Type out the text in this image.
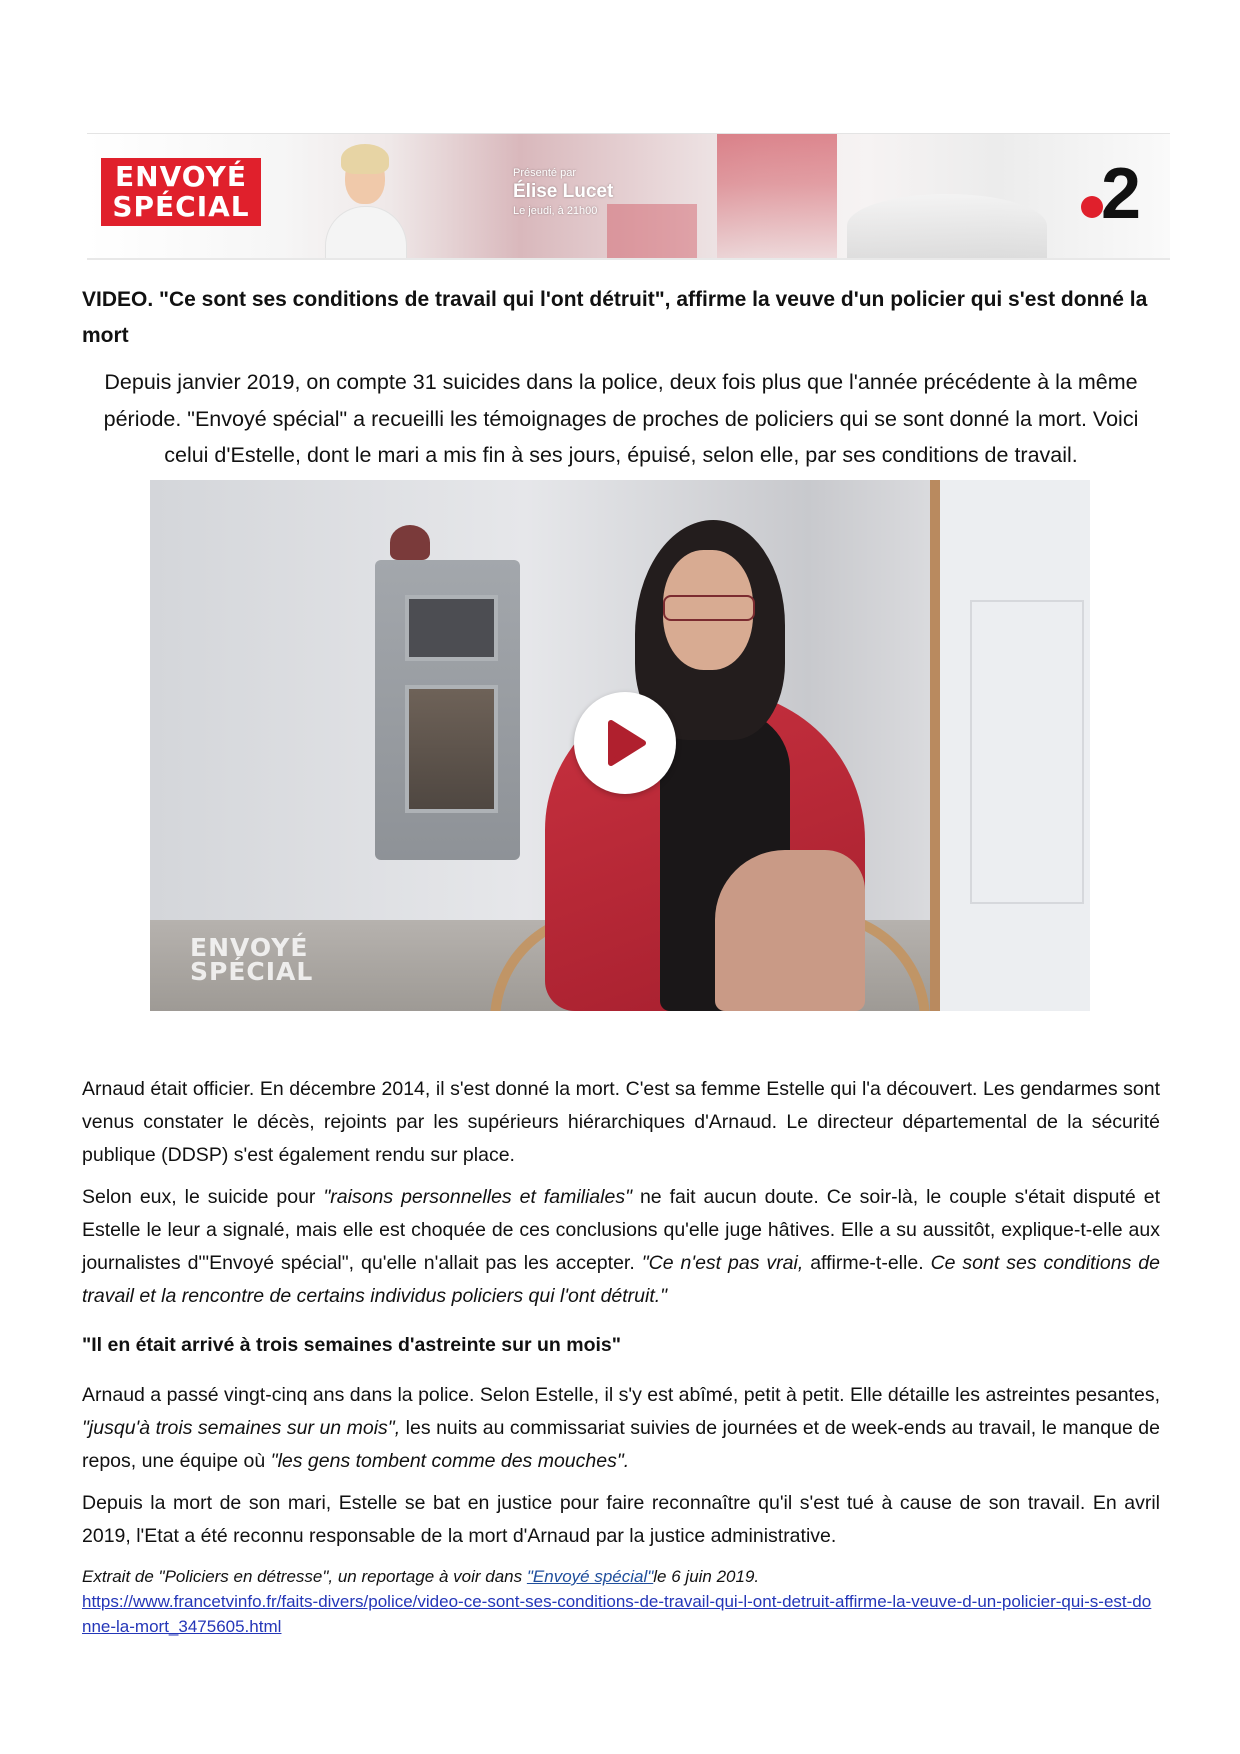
ENVOYÉ
SPÉCIAL
Présenté par
Élise Lucet
Le jeudi, à 21h00	2
VIDEO. "Ce sont ses conditions de travail qui l'ont détruit", affirme la veuve d'un policier qui s'est donné la mort

Depuis janvier 2019, on compte 31 suicides dans la police, deux fois plus que l'année précédente à la même période. "Envoyé spécial" a recueilli les témoignages de proches de policiers qui se sont donné la mort. Voici celui d'Estelle, dont le mari a mis fin à ses jours, épuisé, selon elle, par ses conditions de travail.

ENVOYÉ
SPÉCIAL

Arnaud était officier. En décembre 2014, il s'est donné la mort. C'est sa femme Estelle qui l'a découvert. Les gendarmes sont venus constater le décès, rejoints par les supérieurs hiérarchiques d'Arnaud. Le directeur départemental de la sécurité publique (DDSP) s'est également rendu sur place.

Selon eux, le suicide pour "raisons personnelles et familiales" ne fait aucun doute. Ce soir-là, le couple s'était disputé et Estelle le leur a signalé, mais elle est choquée de ces conclusions qu'elle juge hâtives. Elle a su aussitôt, explique-t-elle aux journalistes d'"Envoyé spécial", qu'elle n'allait pas les accepter. "Ce n'est pas vrai, affirme-t-elle. Ce sont ses conditions de travail et la rencontre de certains individus policiers qui l'ont détruit."

"Il en était arrivé à trois semaines d'astreinte sur un mois"

Arnaud a passé vingt-cinq ans dans la police. Selon Estelle, il s'y est abîmé, petit à petit. Elle détaille les astreintes pesantes, "jusqu'à trois semaines sur un mois", les nuits au commissariat suivies de journées et de week-ends au travail, le manque de repos, une équipe où "les gens tombent comme des mouches".

Depuis la mort de son mari, Estelle se bat en justice pour faire reconnaître qu'il s'est tué à cause de son travail. En avril 2019, l'Etat a été reconnu responsable de la mort d'Arnaud par la justice administrative.

Extrait de "Policiers en détresse", un reportage à voir dans "Envoyé spécial"le 6 juin 2019.

https://www.francetvinfo.fr/faits-divers/police/video-ce-sont-ses-conditions-de-travail-qui-l-ont-detruit-affirme-la-veuve-d-un-policier-qui-s-est-donne-la-mort_3475605.html
